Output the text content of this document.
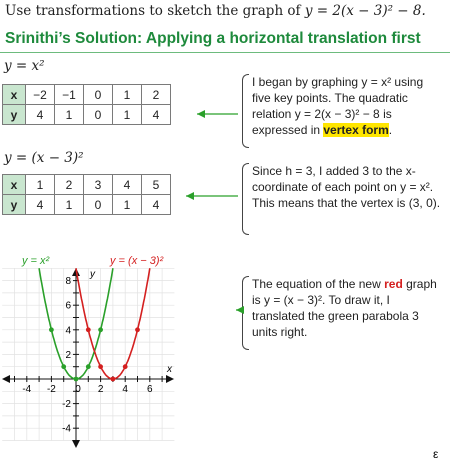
Use transformations to sketch the graph of y = 2(x − 3)² − 8.
Srinithi’s Solution: Applying a horizontal translation first
y = x²
x	−2	−1	0	1	2
y	4	1	0	1	4
I began by graphing y = x² using five key points. The quadratic relation y = 2(x − 3)² − 8 is expressed in vertex form.
y = (x − 3)²
x	1	2	3	4	5
y	4	1	0	1	4
Since h = 3, I added 3 to the x-coordinate of each point on y = x². This means that the vertex is (3, 0).
The equation of the new red graph is y = (x − 3)². To draw it, I translated the green parabola 3 units right.
y = x²	y = (x − 3)²
y
x
-4 -2 0 2 4 6
8
6
4
2
-2
-4
ε
